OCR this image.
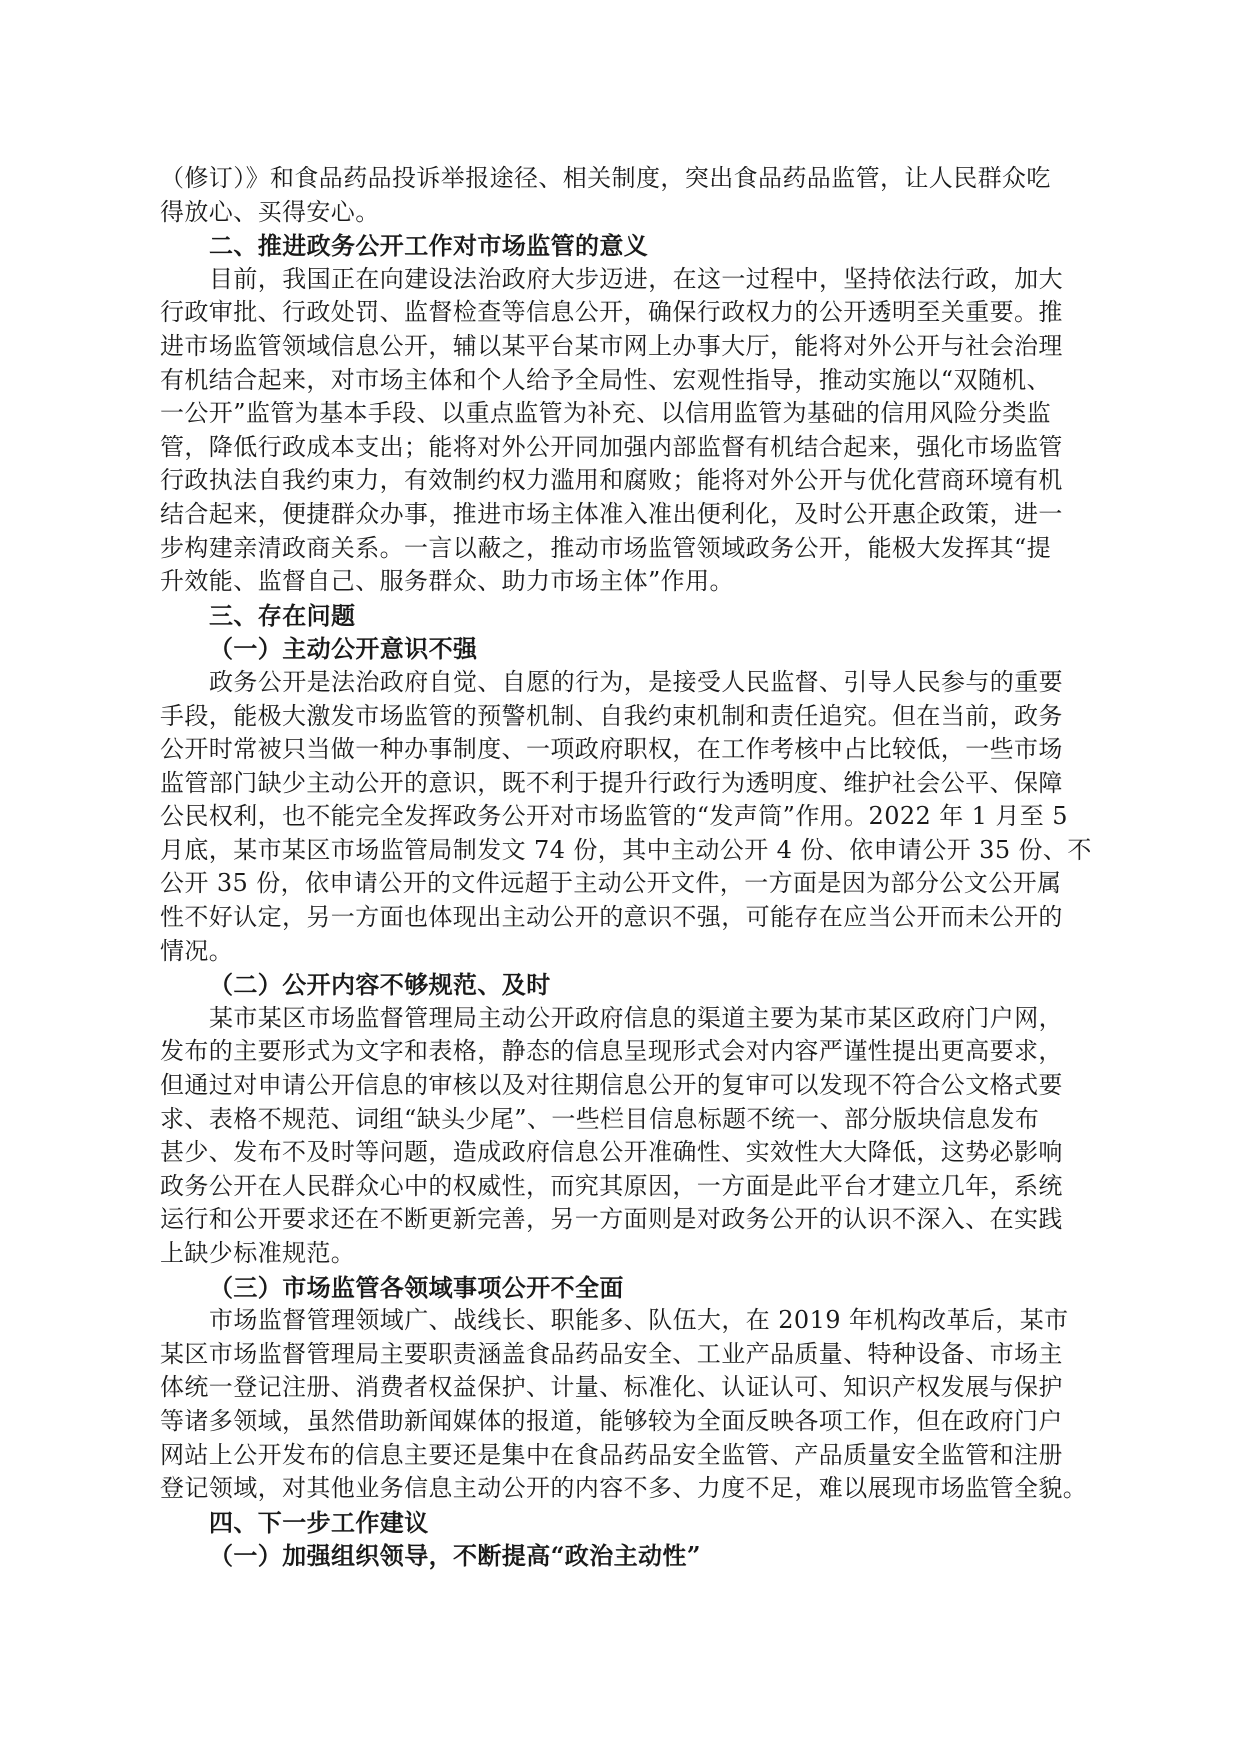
（修订）》和食品药品投诉举报途径、相关制度，突出食品药品监管，让人民群众吃
得放心、买得安心。
二、推进政务公开工作对市场监管的意义
目前，我国正在向建设法治政府大步迈进，在这一过程中，坚持依法行政，加大
行政审批、行政处罚、监督检查等信息公开，确保行政权力的公开透明至关重要。推
进市场监管领域信息公开，辅以某平台某市网上办事大厅，能将对外公开与社会治理
有机结合起来，对市场主体和个人给予全局性、宏观性指导，推动实施以“双随机、
一公开”监管为基本手段、以重点监管为补充、以信用监管为基础的信用风险分类监
管，降低行政成本支出；能将对外公开同加强内部监督有机结合起来，强化市场监管
行政执法自我约束力，有效制约权力滥用和腐败；能将对外公开与优化营商环境有机
结合起来，便捷群众办事，推进市场主体准入准出便利化，及时公开惠企政策，进一
步构建亲清政商关系。一言以蔽之，推动市场监管领域政务公开，能极大发挥其“提
升效能、监督自己、服务群众、助力市场主体”作用。
三、存在问题
（一）主动公开意识不强
政务公开是法治政府自觉、自愿的行为，是接受人民监督、引导人民参与的重要
手段，能极大激发市场监管的预警机制、自我约束机制和责任追究。但在当前，政务
公开时常被只当做一种办事制度、一项政府职权，在工作考核中占比较低，一些市场
监管部门缺少主动公开的意识，既不利于提升行政行为透明度、维护社会公平、保障
公民权利，也不能完全发挥政务公开对市场监管的“发声筒”作用。2022 年 1 月至 5
月底，某市某区市场监管局制发文 74 份，其中主动公开 4 份、依申请公开 35 份、不
公开 35 份，依申请公开的文件远超于主动公开文件，一方面是因为部分公文公开属
性不好认定，另一方面也体现出主动公开的意识不强，可能存在应当公开而未公开的
情况。
（二）公开内容不够规范、及时
某市某区市场监督管理局主动公开政府信息的渠道主要为某市某区政府门户网，
发布的主要形式为文字和表格，静态的信息呈现形式会对内容严谨性提出更高要求，
但通过对申请公开信息的审核以及对往期信息公开的复审可以发现不符合公文格式要
求、表格不规范、词组“缺头少尾”、一些栏目信息标题不统一、部分版块信息发布
甚少、发布不及时等问题，造成政府信息公开准确性、实效性大大降低，这势必影响
政务公开在人民群众心中的权威性，而究其原因，一方面是此平台才建立几年，系统
运行和公开要求还在不断更新完善，另一方面则是对政务公开的认识不深入、在实践
上缺少标准规范。
（三）市场监管各领域事项公开不全面
市场监督管理领域广、战线长、职能多、队伍大，在 2019 年机构改革后，某市
某区市场监督管理局主要职责涵盖食品药品安全、工业产品质量、特种设备、市场主
体统一登记注册、消费者权益保护、计量、标准化、认证认可、知识产权发展与保护
等诸多领域，虽然借助新闻媒体的报道，能够较为全面反映各项工作，但在政府门户
网站上公开发布的信息主要还是集中在食品药品安全监管、产品质量安全监管和注册
登记领域，对其他业务信息主动公开的内容不多、力度不足，难以展现市场监管全貌。
四、下一步工作建议
（一）加强组织领导，不断提高“政治主动性”
